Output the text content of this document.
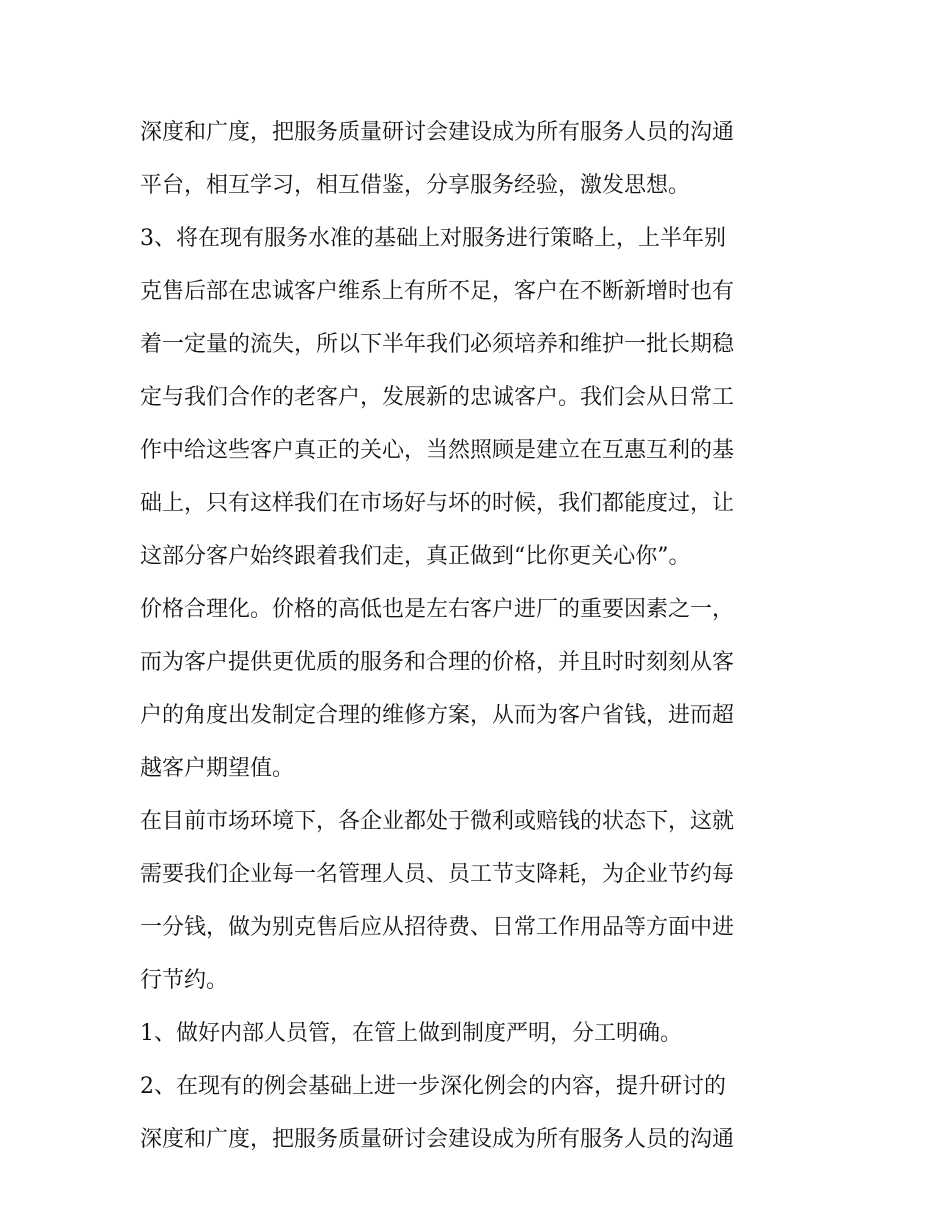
深度和广度，把服务质量研讨会建设成为所有服务人员的沟通
平台，相互学习，相互借鉴，分享服务经验，激发思想。
3、将在现有服务水准的基础上对服务进行策略上，上半年别
克售后部在忠诚客户维系上有所不足，客户在不断新增时也有
着一定量的流失，所以下半年我们必须培养和维护一批长期稳
定与我们合作的老客户，发展新的忠诚客户。我们会从日常工
作中给这些客户真正的关心，当然照顾是建立在互惠互利的基
础上，只有这样我们在市场好与坏的时候，我们都能度过，让
这部分客户始终跟着我们走，真正做到“比你更关心你”。
价格合理化。价格的高低也是左右客户进厂的重要因素之一，
而为客户提供更优质的服务和合理的价格，并且时时刻刻从客
户的角度出发制定合理的维修方案，从而为客户省钱，进而超
越客户期望值。
在目前市场环境下，各企业都处于微利或赔钱的状态下，这就
需要我们企业每一名管理人员、员工节支降耗，为企业节约每
一分钱，做为别克售后应从招待费、日常工作用品等方面中进
行节约。
1、做好内部人员管，在管上做到制度严明，分工明确。
2、在现有的例会基础上进一步深化例会的内容，提升研讨的
深度和广度，把服务质量研讨会建设成为所有服务人员的沟通
